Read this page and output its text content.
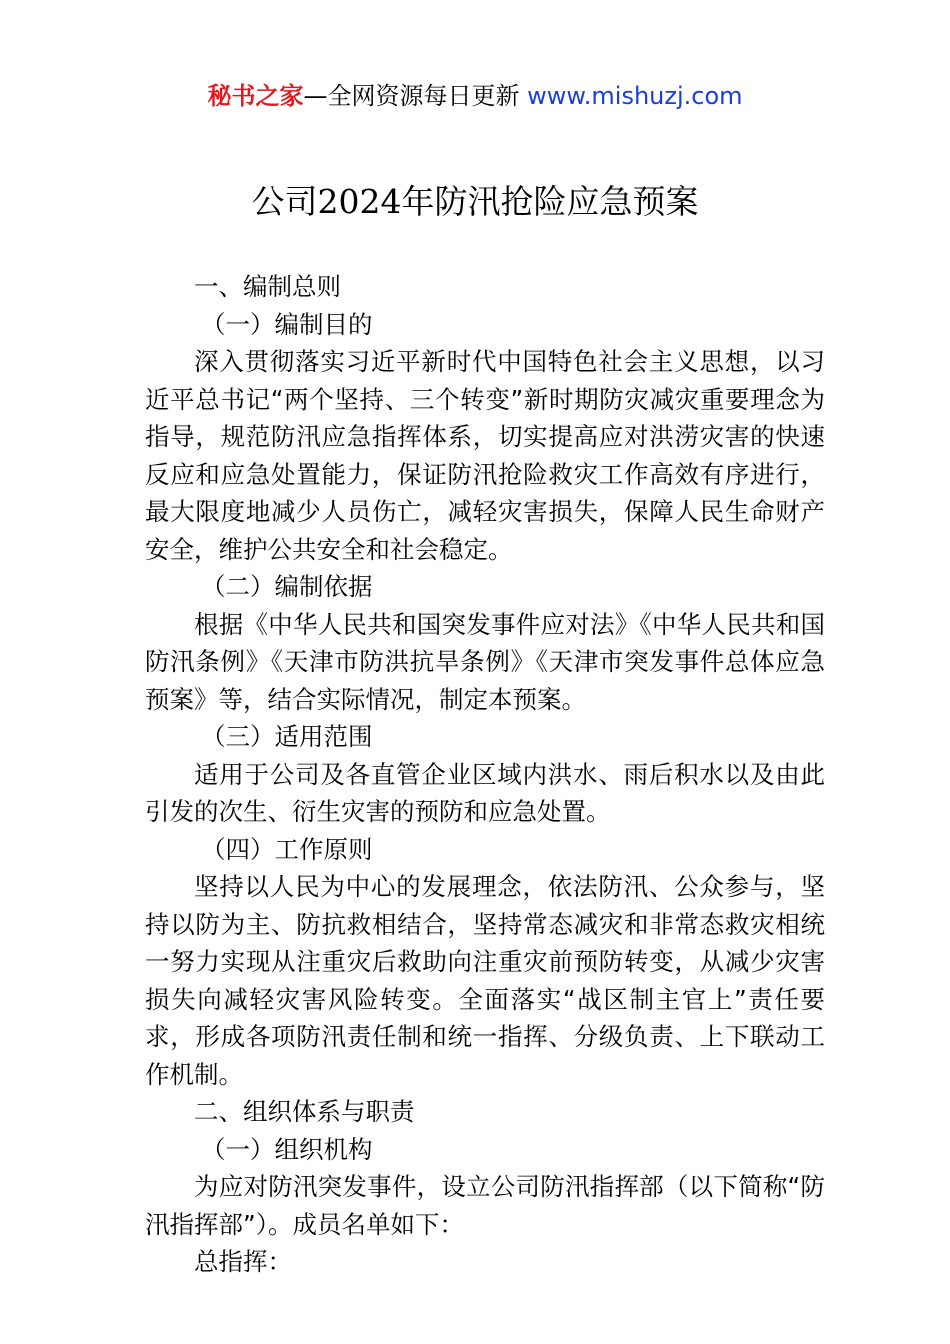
秘书之家—全网资源每日更新 www.mishuzj.com
公司2024年防汛抢险应急预案

一、编制总则

（一）编制目的

深入贯彻落实习近平新时代中国特色社会主义思想，以习近平总书记“两个坚持、三个转变”新时期防灾减灾重要理念为指导，规范防汛应急指挥体系，切实提高应对洪涝灾害的快速反应和应急处置能力，保证防汛抢险救灾工作高效有序进行，最大限度地减少人员伤亡，减轻灾害损失，保障人民生命财产安全，维护公共安全和社会稳定。

（二）编制依据

根据《中华人民共和国突发事件应对法》《中华人民共和国防汛条例》《天津市防洪抗旱条例》《天津市突发事件总体应急预案》等，结合实际情况，制定本预案。

（三）适用范围

适用于公司及各直管企业区域内洪水、雨后积水以及由此引发的次生、衍生灾害的预防和应急处置。

（四）工作原则

坚持以人民为中心的发展理念，依法防汛、公众参与，坚持以防为主、防抗救相结合，坚持常态减灾和非常态救灾相统一努力实现从注重灾后救助向注重灾前预防转变，从减少灾害损失向减轻灾害风险转变。全面落实“战区制主官上”责任要求，形成各项防汛责任制和统一指挥、分级负责、上下联动工作机制。

二、组织体系与职责

（一）组织机构

为应对防汛突发事件，设立公司防汛指挥部（以下简称“防汛指挥部”）。成员名单如下：

总指挥：
